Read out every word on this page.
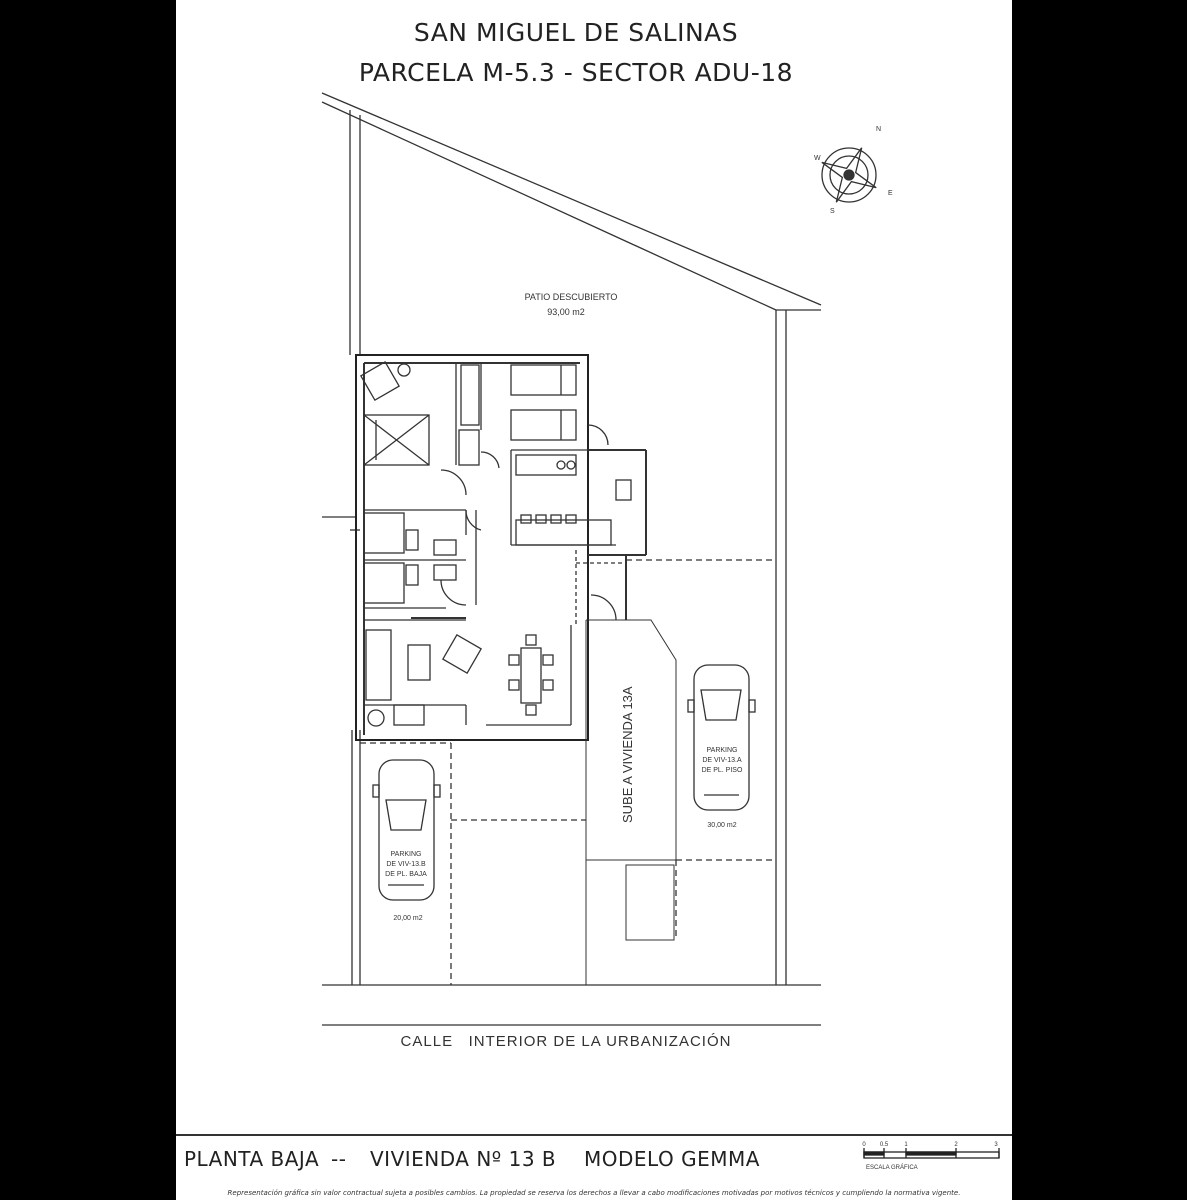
SAN MIGUEL DE SALINAS
PARCELA M-5.3 - SECTOR ADU-18
PATIO DESCUBIERTO
93,00 m2
SUBE A VIVIENDA 13A
PARKING
DE VIV-13.B
DE PL. BAJA
20,00 m2
PARKING
DE VIV-13.A
DE PL. PISO
30,00 m2
CALLE   INTERIOR DE LA URBANIZACIÓN
N
S
E
W
0 0.5	1	2	3
ESCALA GRÁFICA
PLANTA BAJA -- VIVIENDA Nº 13 B MODELO GEMMA
Representación gráfica sin valor contractual sujeta a posibles cambios. La propiedad se reserva los derechos a llevar a cabo modificaciones motivadas por motivos técnicos y cumpliendo la normativa vigente.
